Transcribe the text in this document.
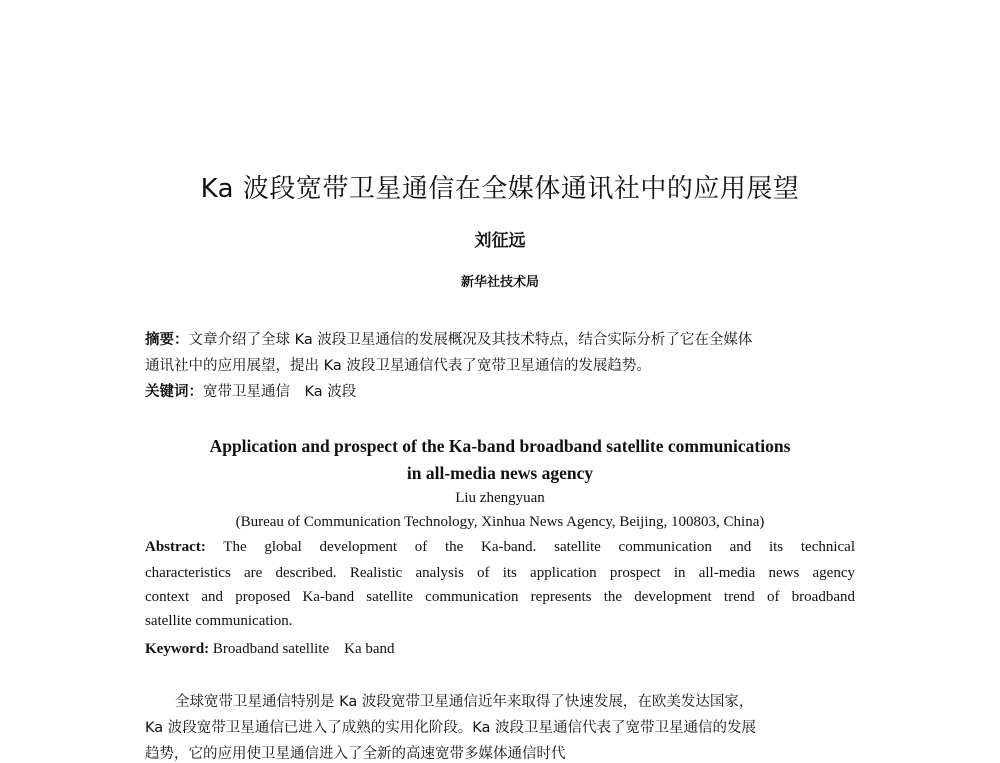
Ka 波段宽带卫星通信在全媒体通讯社中的应用展望
刘征远
新华社技术局
摘要：文章介绍了全球 Ka 波段卫星通信的发展概况及其技术特点，结合实际分析了它在全媒体
通讯社中的应用展望，提出 Ka 波段卫星通信代表了宽带卫星通信的发展趋势。
关键词：宽带卫星通信　Ka 波段
Application and prospect of the Ka-band broadband satellite communications
in all-media news agency
Liu zhengyuan
(Bureau of Communication Technology, Xinhua News Agency, Beijing, 100803, China)
Abstract: The global development of the Ka-band. satellite communication and its technical
characteristics are described. Realistic analysis of its application prospect in all-media news agency
context and proposed Ka-band satellite communication represents the development trend of broadband
satellite communication.
Keyword: Broadband satellite　Ka band
全球宽带卫星通信特别是 Ka 波段宽带卫星通信近年来取得了快速发展，在欧美发达国家，
Ka 波段宽带卫星通信已进入了成熟的实用化阶段。Ka 波段卫星通信代表了宽带卫星通信的发展
趋势，它的应用使卫星通信进入了全新的高速宽带多媒体通信时代
